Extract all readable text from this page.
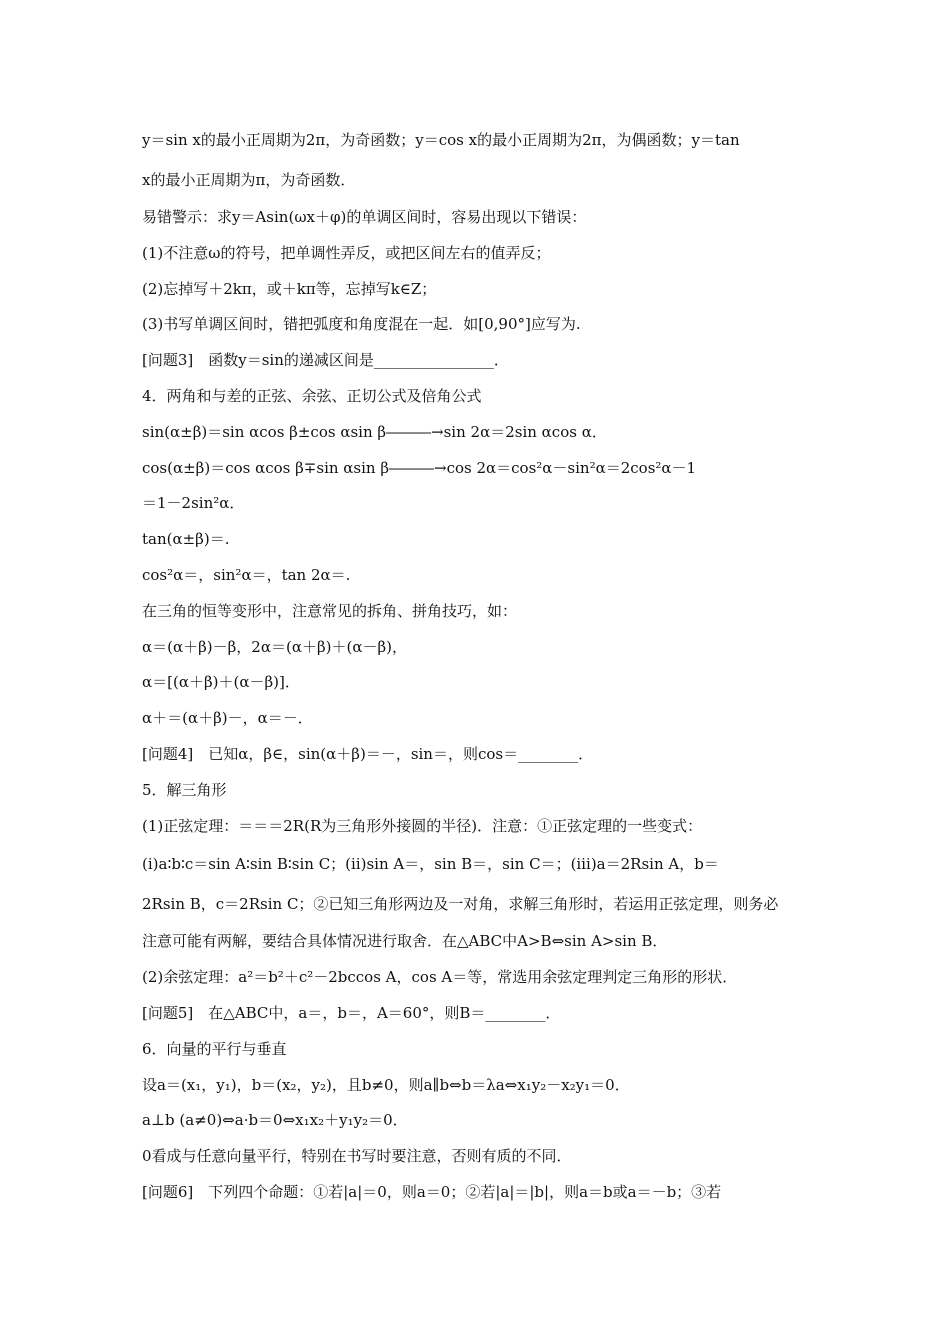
y＝sin x的最小正周期为2π，为奇函数；y＝cos x的最小正周期为2π，为偶函数；y＝tan
x的最小正周期为π，为奇函数．
易错警示：求y＝Asin(ωx＋φ)的单调区间时，容易出现以下错误：
(1)不注意ω的符号，把单调性弄反，或把区间左右的值弄反；
(2)忘掉写＋2kπ，或＋kπ等，忘掉写k∈Z；
(3)书写单调区间时，错把弧度和角度混在一起．如[0,90°]应写为.
[问题3]　函数y＝sin的递减区间是________________．
4．两角和与差的正弦、余弦、正切公式及倍角公式
sin(α±β)＝sin αcos β±cos αsin β―――→sin 2α＝2sin αcos α．
cos(α±β)＝cos αcos β∓sin αsin β―――→cos 2α＝cos²α－sin²α＝2cos²α－1
＝1－2sin²α．
tan(α±β)＝.
cos²α＝，sin²α＝，tan 2α＝.
在三角的恒等变形中，注意常见的拆角、拼角技巧，如：
α＝(α＋β)－β，2α＝(α＋β)＋(α－β)，
α＝[(α＋β)＋(α－β)]．
α＋＝(α＋β)－，α＝－．
[问题4]　已知α，β∈，sin(α＋β)＝－，sin＝，则cos＝________．
5．解三角形
(1)正弦定理：＝＝＝2R(R为三角形外接圆的半径)．注意：①正弦定理的一些变式：
(ⅰ)a∶b∶c＝sin A∶sin B∶sin C；(ⅱ)sin A＝，sin B＝，sin C＝；(ⅲ)a＝2Rsin A，b＝
2Rsin B，c＝2Rsin C；②已知三角形两边及一对角，求解三角形时，若运用正弦定理，则务必
注意可能有两解，要结合具体情况进行取舍．在△ABC中A>B⇔sin A>sin B．
(2)余弦定理：a²＝b²＋c²－2bccos A，cos A＝等，常选用余弦定理判定三角形的形状．
[问题5]　在△ABC中，a＝，b＝，A＝60°，则B＝________．
6．向量的平行与垂直
设a＝(x₁，y₁)，b＝(x₂，y₂)，且b≠0，则a∥b⇔b＝λa⇔x₁y₂－x₂y₁＝0．
a⊥b (a≠0)⇔a·b＝0⇔x₁x₂＋y₁y₂＝0．
0看成与任意向量平行，特别在书写时要注意，否则有质的不同．
[问题6]　下列四个命题：①若|a|＝0，则a＝0；②若|a|＝|b|，则a＝b或a＝－b；③若
